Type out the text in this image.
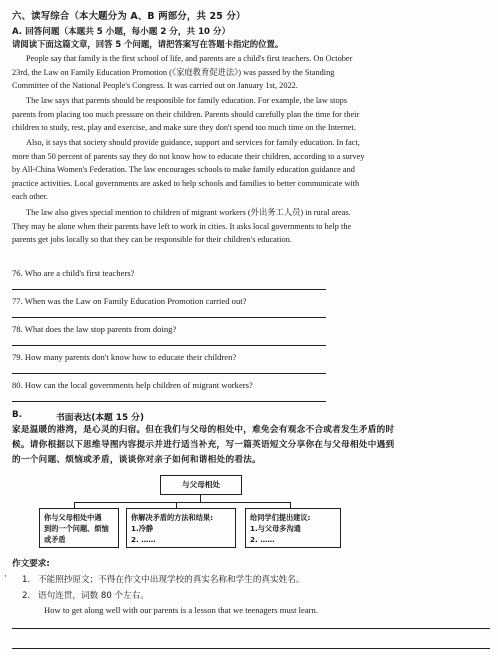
六、读写综合（本大题分为 A、B 两部分，共 25 分）
A. 回答问题（本题共 5 小题，每小题 2 分，共 10 分）
请阅读下面这篇文章，回答 5 个问题，请把答案写在答题卡指定的位置。
People say that family is the first school of life, and parents are a child's first teachers. On October
23rd, the Law on Family Education Promotion (《家庭教育促进法》) was passed by the Standing
Committee of the National People's Congress. It was carried out on January 1st, 2022.
The law says that parents should be responsible for family education. For example, the law stops
parents from placing too much pressure on their children. Parents should carefully plan the time for their
children to study, rest, play and exercise, and make sure they don't spend too much time on the Internet.
Also, it says that society should provide guidance, support and services for family education. In fact,
more than 50 percent of parents say they do not know how to educate their children, according to a survey
by All-China Women's Federation. The law encourages schools to make family education guidance and
practice activities. Local governments are asked to help schools and families to better communicate with
each other.
The law also gives special mention to children of migrant workers (外出务工人员) in rural areas.
They may be alone when their parents have left to work in cities. It asks local governments to help the
parents get jobs locally so that they can be responsible for their children's education.
76. Who are a child's first teachers?
77. When was the Law on Family Education Promotion carried out?
78. What does the law stop parents from doing?
79. How many parents don't know how to educate their children?
80. How can the local governments help children of migrant workers?
B.	书面表达(本题 15 分)
家是温暖的港湾，是心灵的归宿。但在我们与父母的相处中，难免会有观念不合或者发生矛盾的时
候。请你根据以下思维导图内容提示并进行适当补充，写一篇英语短文分享你在与父母相处中遇到
的一个问题、烦恼或矛盾，谈谈你对亲子如何和谐相处的看法。
与父母相处
你与父母相处中遇
到的一个问题、烦恼
或矛盾
你解决矛盾的方法和结果:
1.冷静
2. ……
给同学们提出建议:
1.与父母多沟通
2. ……
作文要求:
· 1. 不能照抄原文；不得在作文中出现学校的真实名称和学生的真实姓名。
2. 语句连贯，词数 80 个左右。
How to get along well with our parents is a lesson that we teenagers must learn.
